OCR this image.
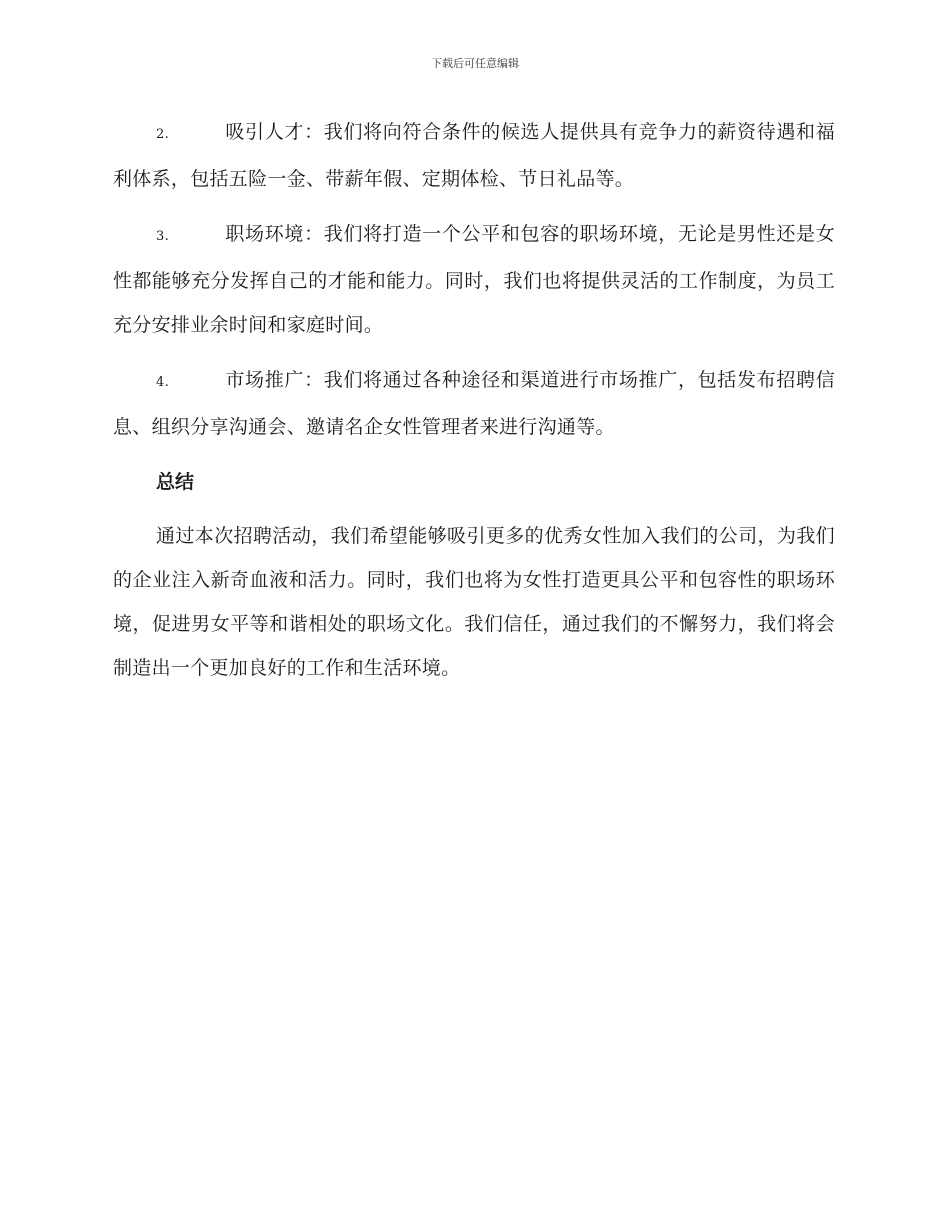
下载后可任意编辑

2.	吸引人才：我们将向符合条件的候选人提供具有竞争力的薪资待遇和福利体系，包括五险一金、带薪年假、定期体检、节日礼品等。

3.	职场环境：我们将打造一个公平和包容的职场环境，无论是男性还是女性都能够充分发挥自己的才能和能力。同时，我们也将提供灵活的工作制度，为员工充分安排业余时间和家庭时间。

4.	市场推广：我们将通过各种途径和渠道进行市场推广，包括发布招聘信息、组织分享沟通会、邀请名企女性管理者来进行沟通等。

总结

通过本次招聘活动，我们希望能够吸引更多的优秀女性加入我们的公司，为我们的企业注入新奇血液和活力。同时，我们也将为女性打造更具公平和包容性的职场环境，促进男女平等和谐相处的职场文化。我们信任，通过我们的不懈努力，我们将会制造出一个更加良好的工作和生活环境。
